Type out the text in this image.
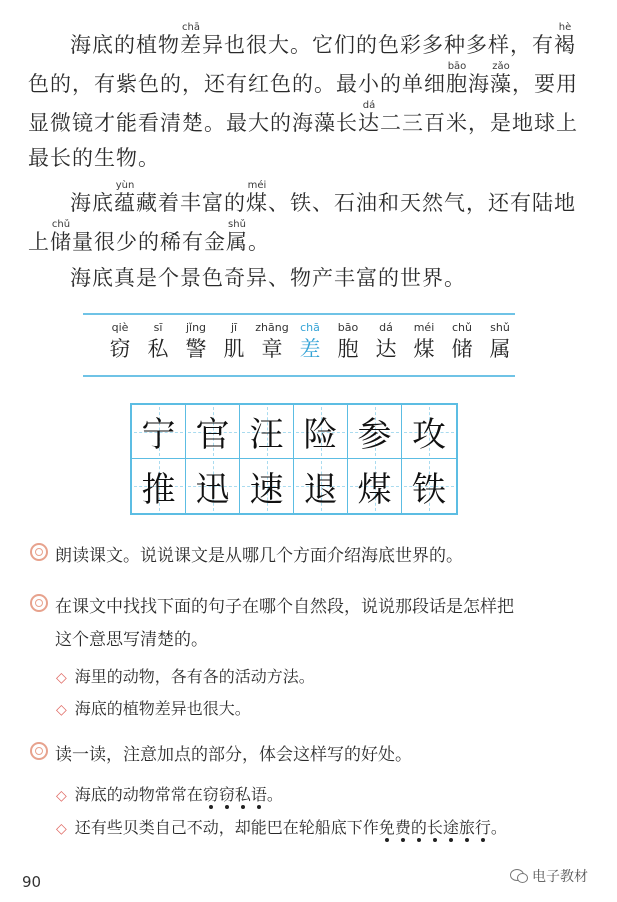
海底的植物差chā异也很大。它们的色彩多种多样，有褐hè
色的，有紫色的，还有红色的。最小的单细胞bāo海藻zǎo，要用
显微镜才能看清楚。最大的海藻长达dá二三百米，是地球上
最长的生物。
海底蕴yùn藏着丰富的煤méi、铁、石油和天然气，还有陆地
上储chǔ量很少的稀有金属shǔ。
海底真是个景色奇异、物产丰富的世界。
qiè
窃
sī
私
jǐng
警
jī
肌
zhāng
章
chā
差
bāo
胞
dá
达
méi
煤
chǔ
储
shǔ
属
宁 官 汪 险 参 攻
推 迅 速 退 煤 铁
朗读课文。说说课文是从哪几个方面介绍海底世界的。
在课文中找找下面的句子在哪个自然段，说说那段话是怎样把
这个意思写清楚的。
◇ 海里的动物，各有各的活动方法。
◇ 海底的植物差异也很大。
读一读，注意加点的部分，体会这样写的好处。
◇ 海底的动物常常在窃窃私语。
◇ 还有些贝类自己不动，却能巴在轮船底下作免费的长途旅行。
90	电子教材
